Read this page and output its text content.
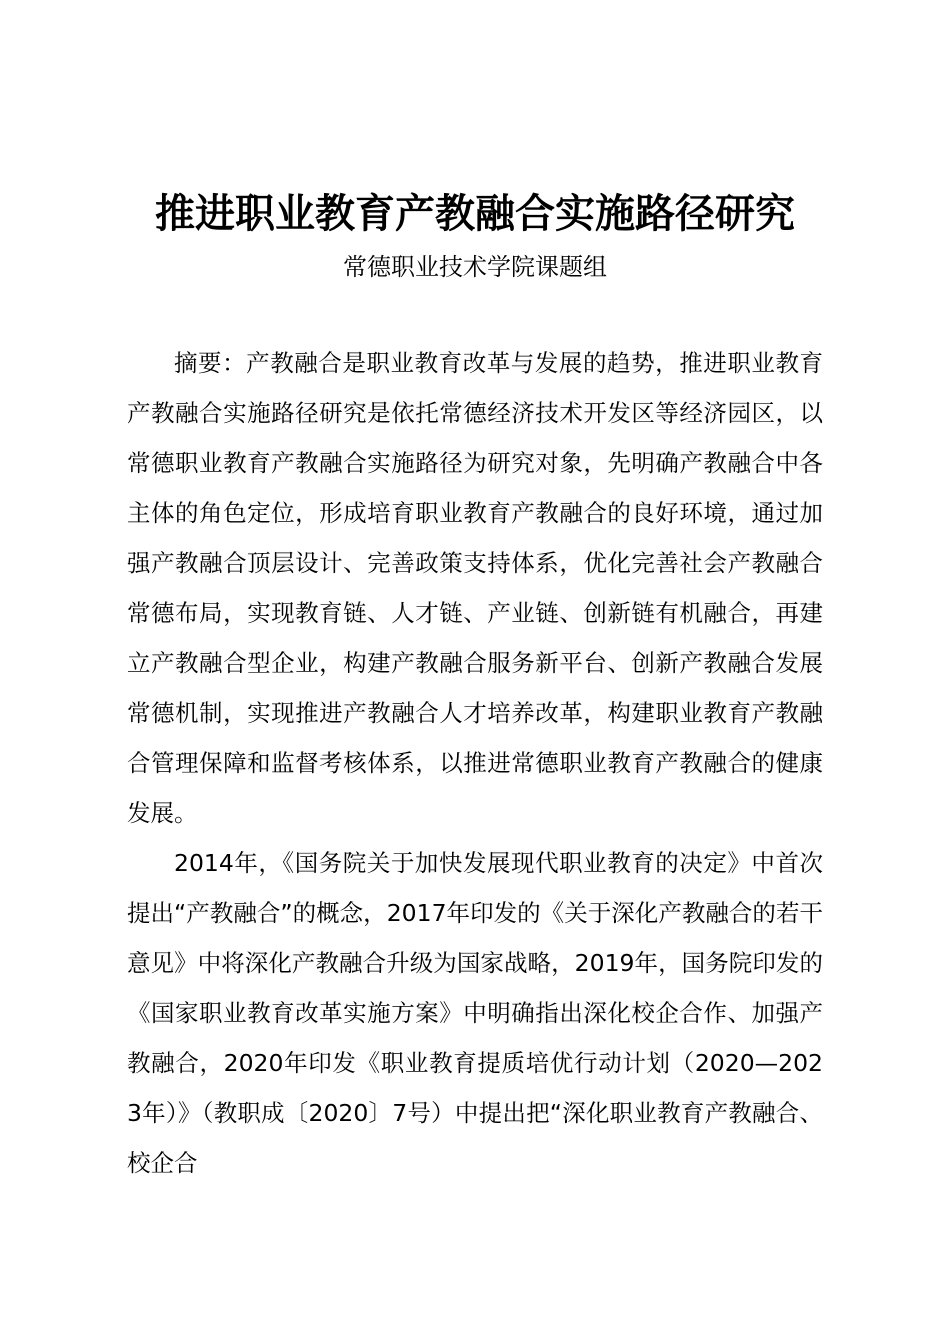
推进职业教育产教融合实施路径研究
常德职业技术学院课题组

摘要：产教融合是职业教育改革与发展的趋势，推进职业教育产教融合实施路径研究是依托常德经济技术开发区等经济园区，以常德职业教育产教融合实施路径为研究对象，先明确产教融合中各主体的角色定位，形成培育职业教育产教融合的良好环境，通过加强产教融合顶层设计、完善政策支持体系，优化完善社会产教融合常德布局，实现教育链、人才链、产业链、创新链有机融合，再建立产教融合型企业，构建产教融合服务新平台、创新产教融合发展常德机制，实现推进产教融合人才培养改革，构建职业教育产教融合管理保障和监督考核体系，以推进常德职业教育产教融合的健康发展。

2014年，《国务院关于加快发展现代职业教育的决定》中首次提出“产教融合”的概念，2017年印发的《关于深化产教融合的若干意见》中将深化产教融合升级为国家战略，2019年，国务院印发的《国家职业教育改革实施方案》中明确指出深化校企合作、加强产教融合，2020年印发《职业教育提质培优行动计划（2020—2023年）》（教职成〔2020〕7号）中提出把“深化职业教育产教融合、校企合
